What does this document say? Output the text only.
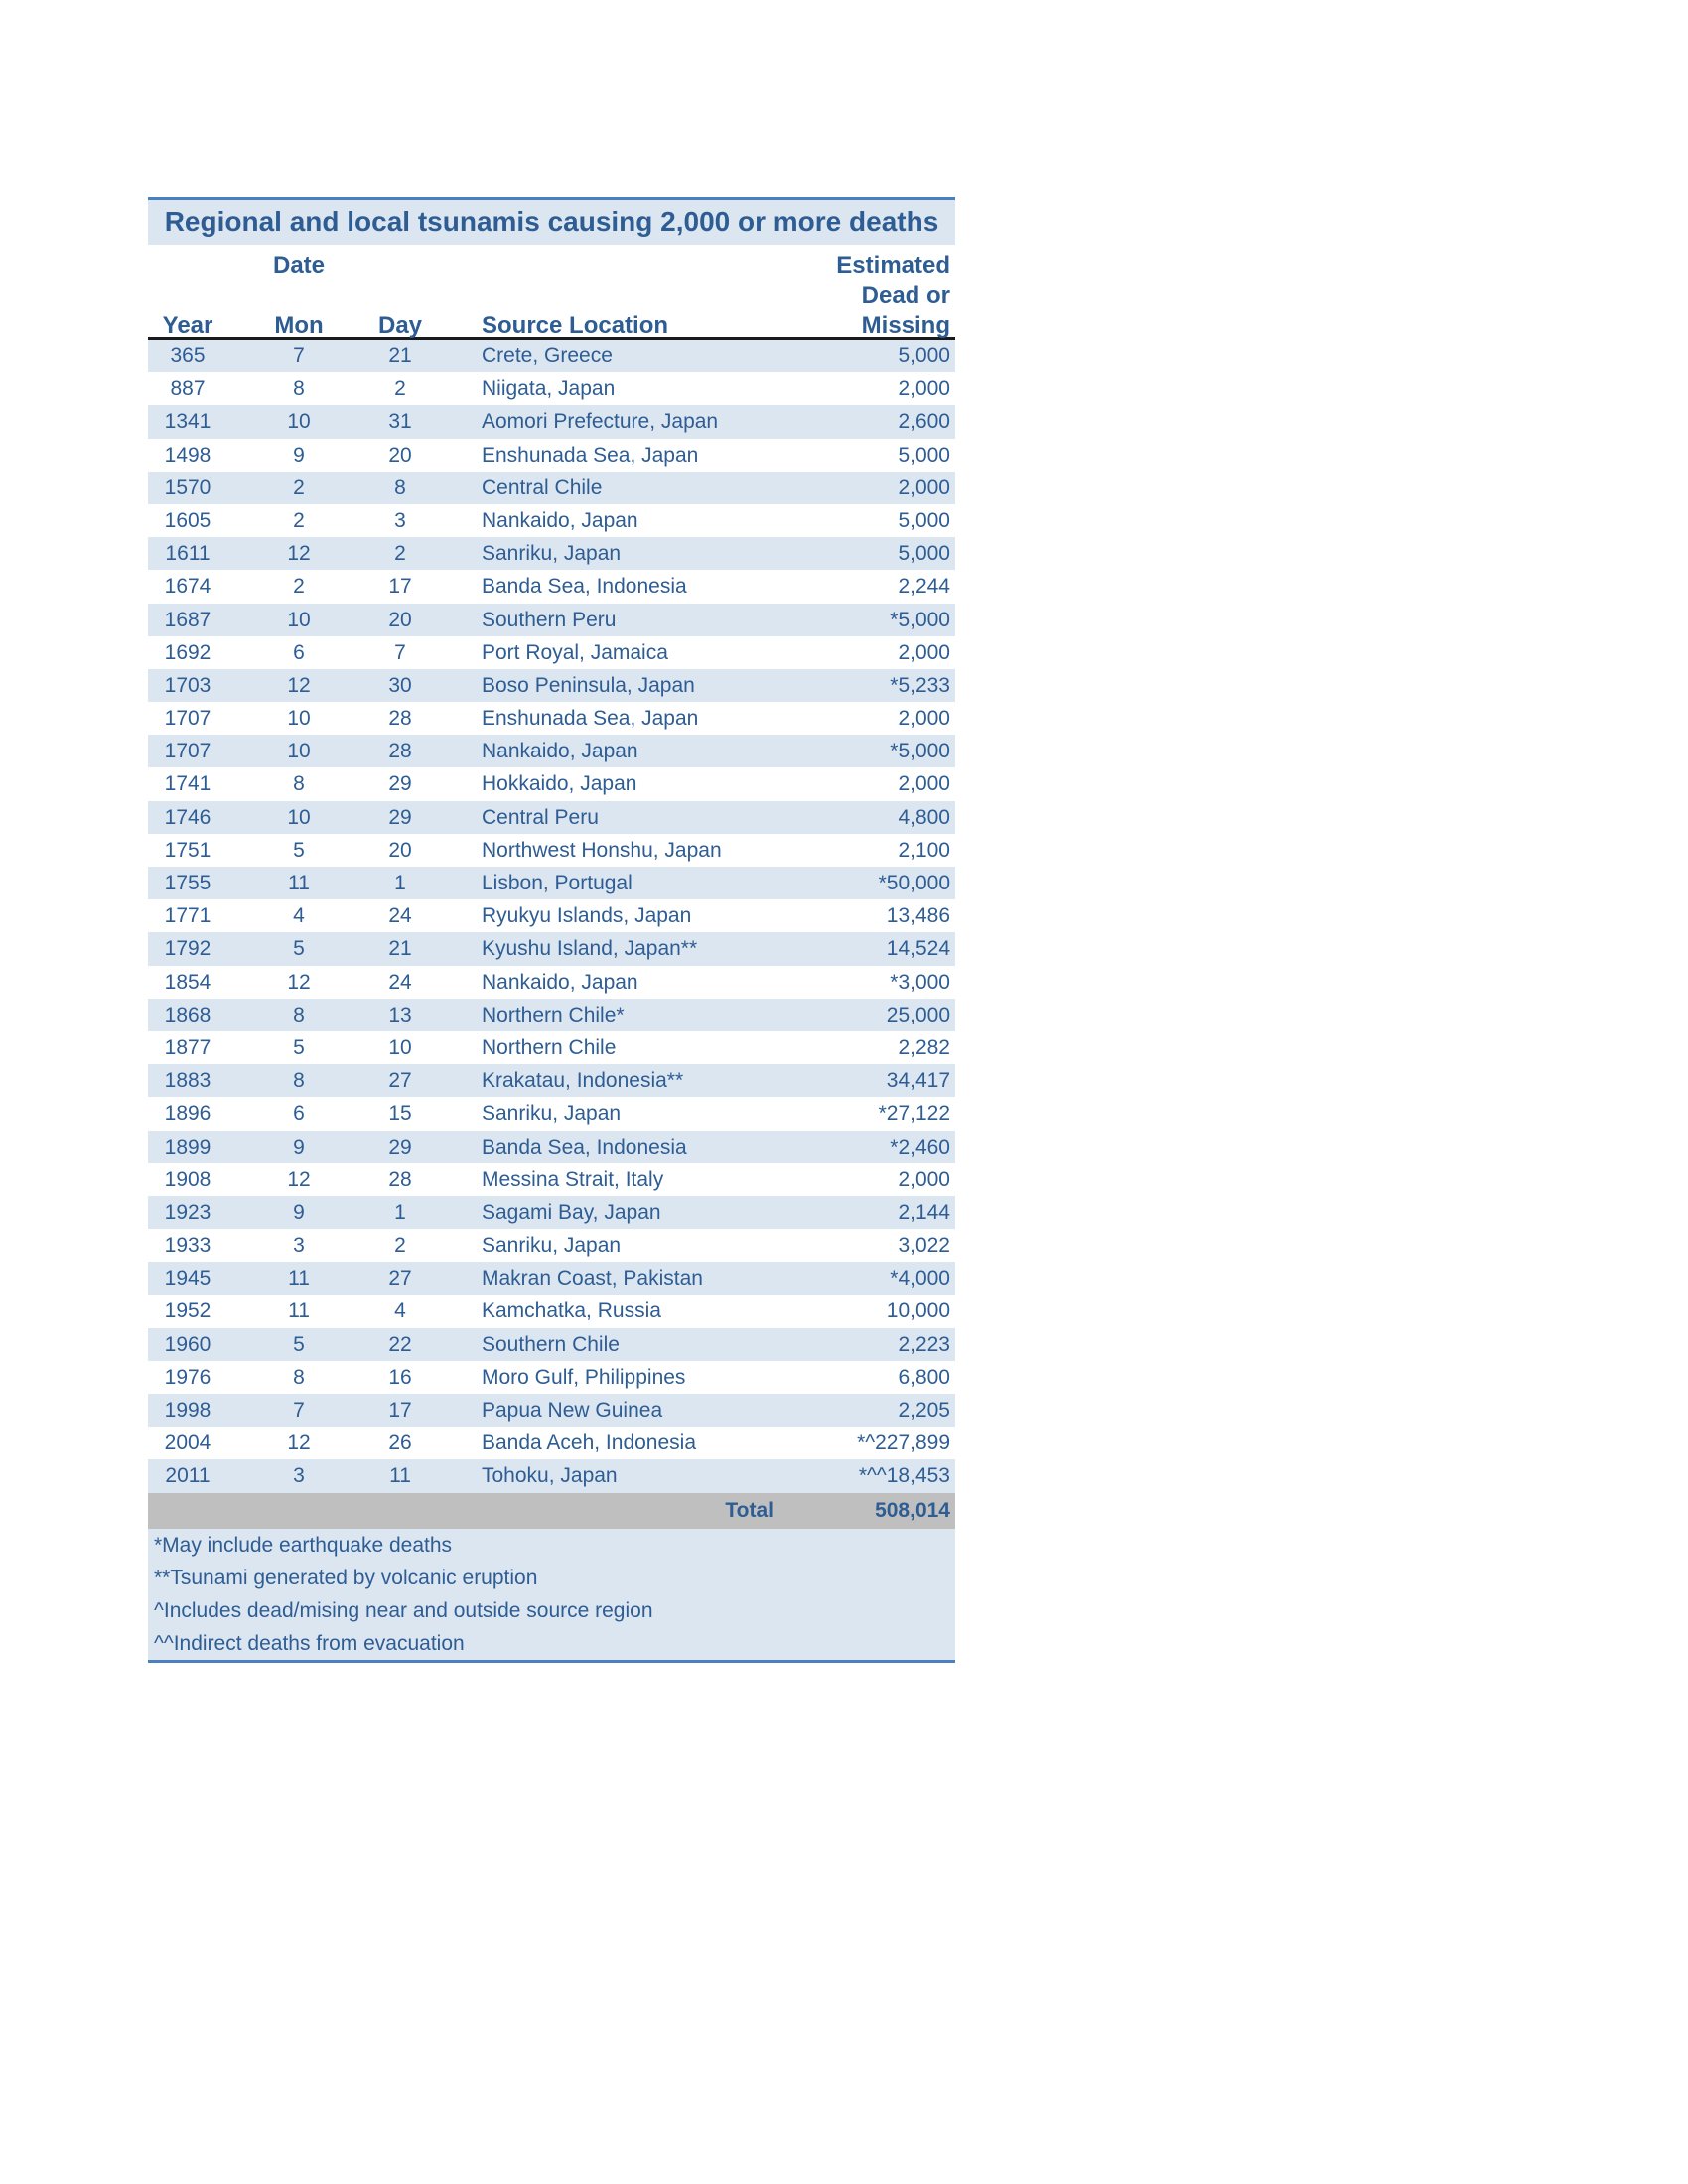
Regional and local tsunamis causing 2,000 or more deaths
Date
Year	Mon	Day	Source Location
Estimated
Dead or
Missing
365	7	21	Crete, Greece	5,000
887	8	2	Niigata, Japan	2,000
1341	10	31	Aomori Prefecture, Japan	2,600
1498	9	20	Enshunada Sea, Japan	5,000
1570	2	8	Central Chile	2,000
1605	2	3	Nankaido, Japan	5,000
1611	12	2	Sanriku, Japan	5,000
1674	2	17	Banda Sea, Indonesia	2,244
1687	10	20	Southern Peru	*5,000
1692	6	7	Port Royal, Jamaica	2,000
1703	12	30	Boso Peninsula, Japan	*5,233
1707	10	28	Enshunada Sea, Japan	2,000
1707	10	28	Nankaido, Japan	*5,000
1741	8	29	Hokkaido, Japan	2,000
1746	10	29	Central Peru	4,800
1751	5	20	Northwest Honshu, Japan	2,100
1755	11	1	Lisbon, Portugal	*50,000
1771	4	24	Ryukyu Islands, Japan	13,486
1792	5	21	Kyushu Island, Japan**	14,524
1854	12	24	Nankaido, Japan	*3,000
1868	8	13	Northern Chile*	25,000
1877	5	10	Northern Chile	2,282
1883	8	27	Krakatau, Indonesia**	34,417
1896	6	15	Sanriku, Japan	*27,122
1899	9	29	Banda Sea, Indonesia	*2,460
1908	12	28	Messina Strait, Italy	2,000
1923	9	1	Sagami Bay, Japan	2,144
1933	3	2	Sanriku, Japan	3,022
1945	11	27	Makran Coast, Pakistan	*4,000
1952	11	4	Kamchatka, Russia	10,000
1960	5	22	Southern Chile	2,223
1976	8	16	Moro Gulf, Philippines	6,800
1998	7	17	Papua New Guinea	2,205
2004	12	26	Banda Aceh, Indonesia	*^227,899
2011	3	11	Tohoku, Japan	*^^18,453
Total	508,014
*May include earthquake deaths
**Tsunami generated by volcanic eruption
^Includes dead/mising near and outside source region
^^Indirect deaths from evacuation
